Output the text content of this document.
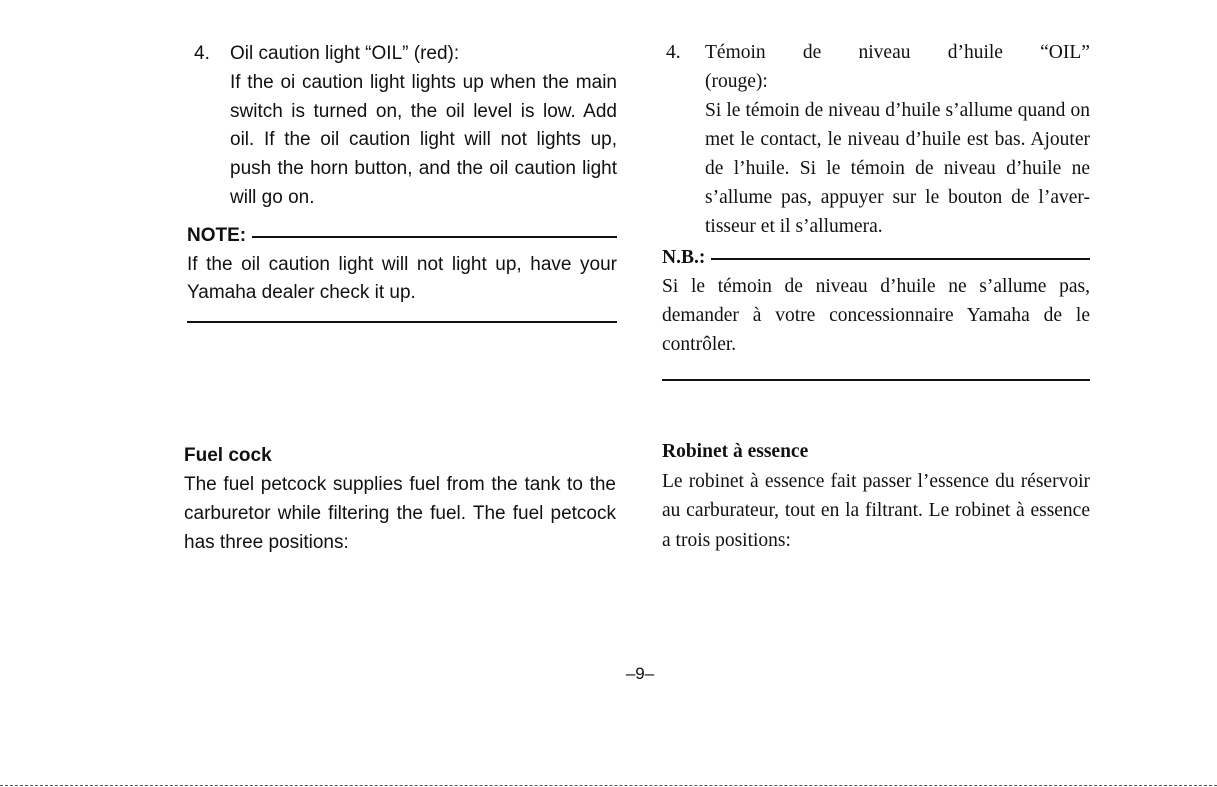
4. Oil caution light “OIL” (red):
If the oi caution light lights up when the main switch is turned on, the oil level is low. Add oil. If the oil caution light will not lights up, push the horn button, and the oil caution light will go on.
NOTE:
If the oil caution light will not light up, have your Yamaha dealer check it up.
4. Témoin de niveau d’huile “OIL”
(rouge):
Si le témoin de niveau d’huile s’allume quand on met le contact, le niveau d’huile est bas. Ajouter de l’huile. Si le témoin de niveau d’huile ne s’allume pas, appuyer sur le bouton de l’aver-tisseur et il s’allumera.
N.B.:
Si le témoin de niveau d’huile ne s’allume pas, demander à votre concessionnaire Yamaha de le contrôler.
Fuel cock
The fuel petcock supplies fuel from the tank to the carburetor while filtering the fuel. The fuel petcock has three positions:
Robinet à essence
Le robinet à essence fait passer l’essence du réservoir au carburateur, tout en la filtrant. Le robinet à essence a trois positions:
–9–
